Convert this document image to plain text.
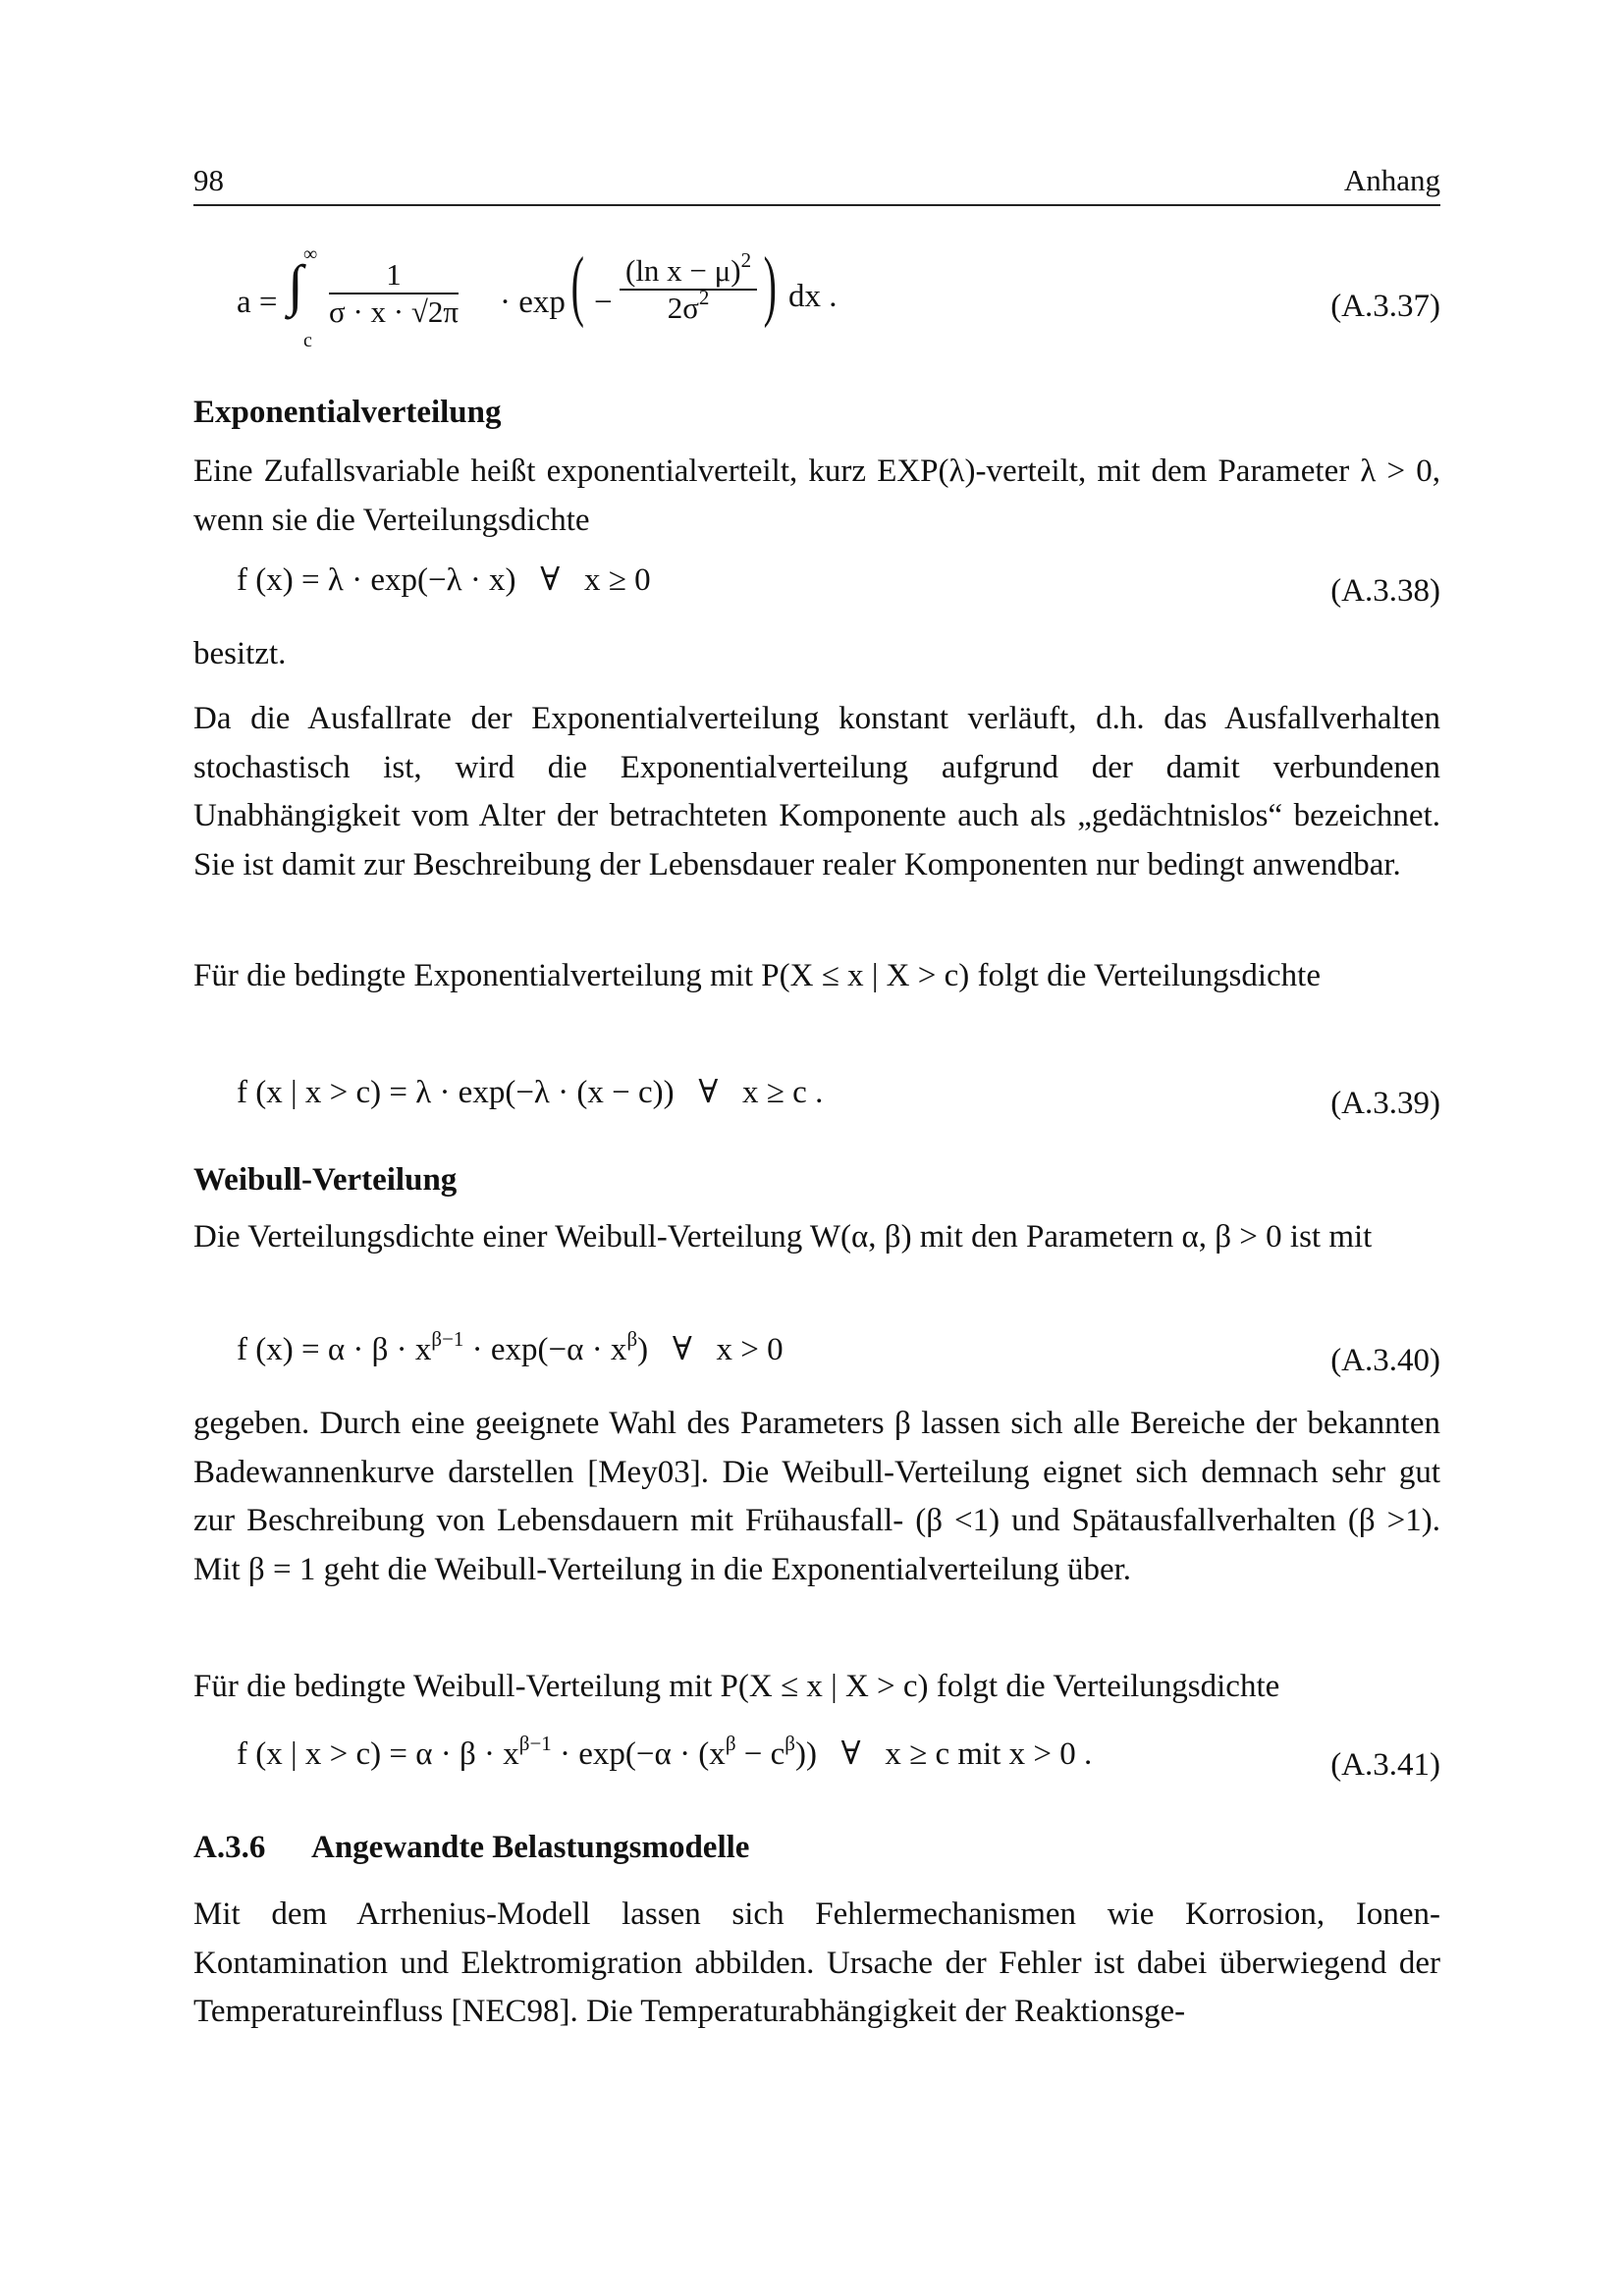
98	Anhang
a = ∫ ∞
c
$\frac{1}{\sigma \cdot x \cdot √2\pi} \cdot \exp$ ( − $\frac{(\ln x - \mu)^2}{2\sigma^2}$ ) dx .	(A.3.37)
Exponentialverteilung
Eine Zufallsvariable heißt exponentialverteilt, kurz EXP(λ)-verteilt, mit dem Parameter λ > 0, wenn sie die Verteilungsdichte
f (x) = λ · exp(−λ · x)   ∀   x ≥ 0	(A.3.38)
besitzt.
Da die Ausfallrate der Exponentialverteilung konstant verläuft, d.h. das Ausfallverhalten stochastisch ist, wird die Exponentialverteilung aufgrund der damit verbundenen Unabhängigkeit vom Alter der betrachteten Komponente auch als „gedächtnislos“ bezeichnet. Sie ist damit zur Beschreibung der Lebensdauer realer Komponenten nur bedingt anwendbar.
Für die bedingte Exponentialverteilung mit P(X ≤ x | X > c) folgt die Verteilungsdichte
f (x | x > c) = λ · exp(−λ · (x − c))   ∀   x ≥ c .	(A.3.39)
Weibull-Verteilung
Die Verteilungsdichte einer Weibull-Verteilung W(α, β) mit den Parametern α, β > 0 ist mit
f $(x) = \alpha \cdot \beta \cdot x^{\beta-1} \cdot \exp(-\alpha \cdot x^\beta)$   ∀   x > 0	(A.3.40)
gegeben. Durch eine geeignete Wahl des Parameters β lassen sich alle Bereiche der bekannten Badewannenkurve darstellen [Mey03]. Die Weibull-Verteilung eignet sich demnach sehr gut zur Beschreibung von Lebensdauern mit Frühausfall- (β <1) und Spätausfallverhalten (β >1). Mit β = 1 geht die Weibull-Verteilung in die Exponentialverteilung über.
Für die bedingte Weibull-Verteilung mit P(X ≤ x | X > c) folgt die Verteilungsdichte
f (x | $x > c) = \alpha \cdot \beta \cdot x^{\beta-1} \cdot \exp(-\alpha \cdot (x^\beta - c^\beta))$   ∀   x ≥ c mit x > 0 .	(A.3.41)
A.3.6 Angewandte Belastungsmodelle
Mit dem Arrhenius-Modell lassen sich Fehlermechanismen wie Korrosion, Ionen-Kontamination und Elektromigration abbilden. Ursache der Fehler ist dabei überwiegend der Temperatureinfluss [NEC98]. Die Temperaturabhängigkeit der Reaktionsge-
